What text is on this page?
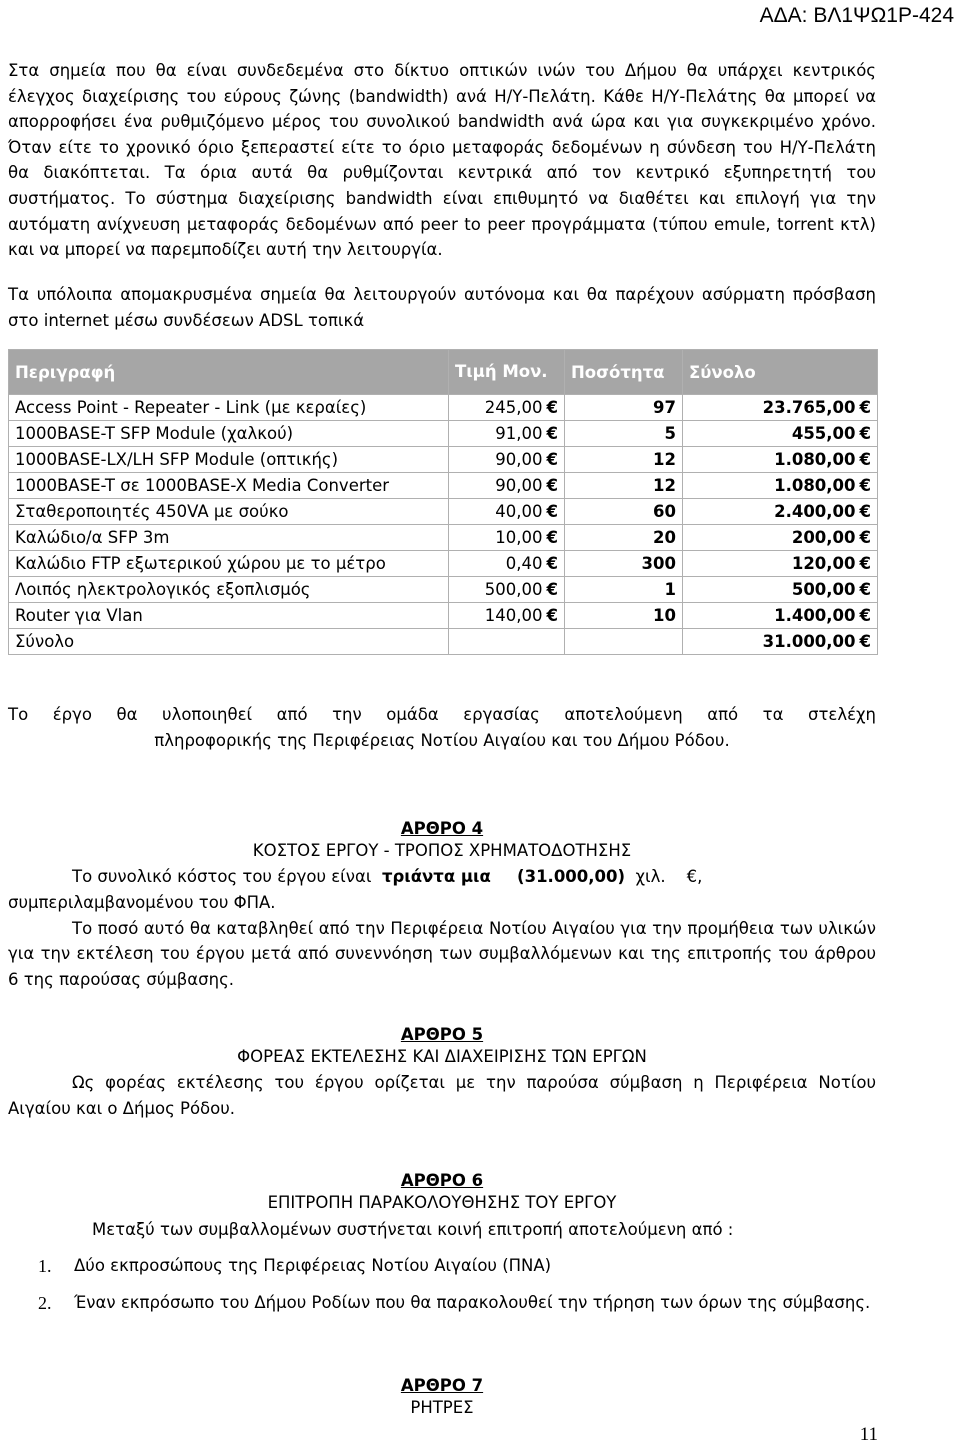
ΑΔΑ: ΒΛ1ΨΩ1Ρ-424
Στα σημεία που θα είναι συνδεδεμένα στο δίκτυο οπτικών ινών του Δήμου θα υπάρχει κεντρικός έλεγχος διαχείρισης του εύρους ζώνης (bandwidth) ανά Η/Υ-Πελάτη. Κάθε Η/Υ-Πελάτης θα μπορεί να απορροφήσει ένα ρυθμιζόμενο μέρος του συνολικού bandwidth ανά ώρα και για συγκεκριμένο χρόνο. Όταν είτε το χρονικό όριο ξεπεραστεί είτε το όριο μεταφοράς δεδομένων η σύνδεση του Η/Υ-Πελάτη θα διακόπτεται. Τα όρια αυτά θα ρυθμίζονται κεντρικά από τον κεντρικό εξυπηρετητή του συστήματος. Το σύστημα διαχείρισης bandwidth είναι επιθυμητό να διαθέτει και επιλογή για την αυτόματη ανίχνευση μεταφοράς δεδομένων από peer to peer προγράμματα (τύπου emule, torrent κτλ) και να μπορεί να παρεμποδίζει αυτή την λειτουργία.
Τα υπόλοιπα απομακρυσμένα σημεία θα λειτουργούν αυτόνομα και θα παρέχουν ασύρματη πρόσβαση στο internet μέσω συνδέσεων ADSL τοπικά
Περιγραφή	Τιμή Μον.	Ποσότητα	Σύνολο
Access Point - Repeater - Link (με κεραίες)	245,00 €	97	23.765,00 €
1000BASE-T SFP Module (χαλκού)	91,00 €	5	455,00 €
1000BASE-LX/LH SFP Module (οπτικής)	90,00 €	12	1.080,00 €
1000BASE-T σε 1000BASE-X Media Converter	90,00 €	12	1.080,00 €
Σταθεροποιητές 450VA με σούκο	40,00 €	60	2.400,00 €
Καλώδιο/α SFP 3m	10,00 €	20	200,00 €
Καλώδιο FTP εξωτερικού χώρου με το μέτρο	0,40 €	300	120,00 €
Λοιπός ηλεκτρολογικός εξοπλισμός	500,00 €	1	500,00 €
Router για Vlan	140,00 €	10	1.400,00 €
Σύνολο			31.000,00 €
Το έργο θα υλοποιηθεί από την ομάδα εργασίας αποτελούμενη από τα στελέχη
πληροφορικής της Περιφέρειας Νοτίου Αιγαίου και του Δήμου Ρόδου.
ΑΡΘΡΟ 4
ΚΟΣΤΟΣ ΕΡΓΟΥ - ΤΡΟΠΟΣ ΧΡΗΜΑΤΟΔΟΤΗΣΗΣ
Το συνολικό κόστος του έργου είναι τριάντα μια (31.000,00) χιλ. €,
συμπεριλαμβανομένου του ΦΠΑ.
Το ποσό αυτό θα καταβληθεί από την Περιφέρεια Νοτίου Αιγαίου για την προμήθεια των υλικών για την εκτέλεση του έργου μετά από συνεννόηση των συμβαλλόμενων και της επιτροπής του άρθρου 6 της παρούσας σύμβασης.
ΑΡΘΡΟ 5
ΦΟΡΕΑΣ ΕΚΤΕΛΕΣΗΣ ΚΑΙ ΔΙΑΧΕΙΡΙΣΗΣ ΤΩΝ ΕΡΓΩΝ
Ως φορέας εκτέλεσης του έργου ορίζεται με την παρούσα σύμβαση η Περιφέρεια Νοτίου Αιγαίου και ο Δήμος Ρόδου.
ΑΡΘΡΟ 6
ΕΠΙΤΡΟΠΗ ΠΑΡΑΚΟΛΟΥΘΗΣΗΣ ΤΟΥ ΕΡΓΟΥ
Μεταξύ των συμβαλλομένων συστήνεται κοινή επιτροπή αποτελούμενη από :
1. Δύο εκπροσώπους της Περιφέρειας Νοτίου Αιγαίου (ΠΝΑ)
2. Έναν εκπρόσωπο του Δήμου Ροδίων που θα παρακολουθεί την τήρηση των όρων της σύμβασης.
ΑΡΘΡΟ 7
ΡΗΤΡΕΣ
11
